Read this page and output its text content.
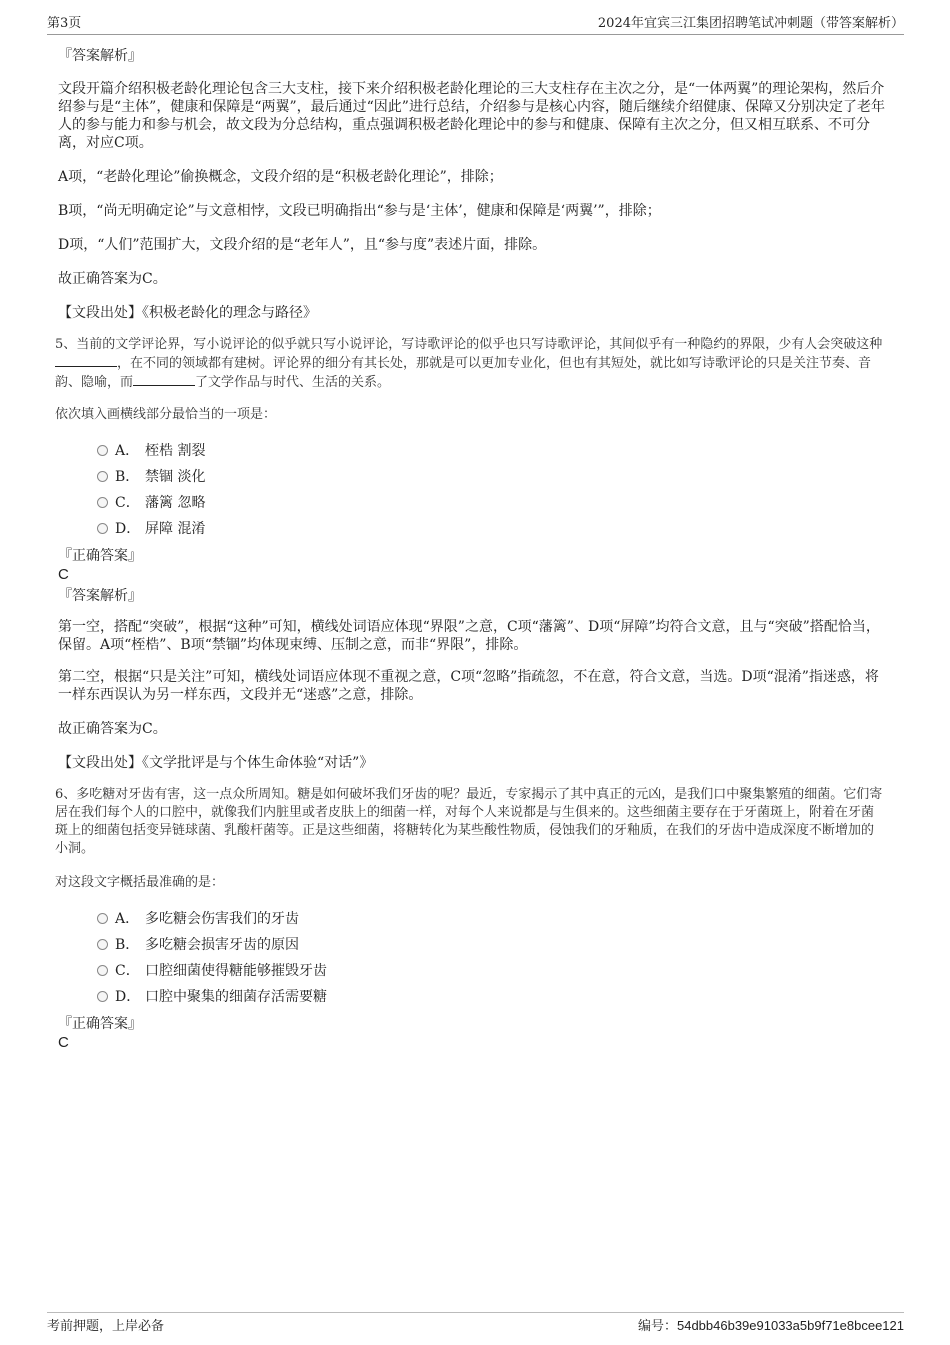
第3页	2024年宜宾三江集团招聘笔试冲刺题（带答案解析）
『答案解析』

文段开篇介绍积极老龄化理论包含三大支柱，接下来介绍积极老龄化理论的三大支柱存在主次之分，是“一体两翼”的理论架构，然后介绍参与是“主体”，健康和保障是“两翼”，最后通过“因此”进行总结，介绍参与是核心内容，随后继续介绍健康、保障又分别决定了老年人的参与能力和参与机会，故文段为分总结构，重点强调积极老龄化理论中的参与和健康、保障有主次之分，但又相互联系、不可分离，对应C项。

A项，“老龄化理论”偷换概念，文段介绍的是“积极老龄化理论”，排除；

B项，“尚无明确定论”与文意相悖，文段已明确指出“参与是‘主体’，健康和保障是‘两翼’”，排除；

D项，“人们”范围扩大，文段介绍的是“老年人”，且“参与度”表述片面，排除。

故正确答案为C。

【文段出处】《积极老龄化的理念与路径》

5、当前的文学评论界，写小说评论的似乎就只写小说评论，写诗歌评论的似乎也只写诗歌评论，其间似乎有一种隐约的界限，少有人会突破这种，在不同的领域都有建树。评论界的细分有其长处，那就是可以更加专业化，但也有其短处，就比如写诗歌评论的只是关注节奏、音韵、隐喻，而	了文学作品与时代、生活的关系。

依次填入画横线部分最恰当的一项是：

A． 桎梏 割裂
B． 禁锢 淡化
C． 藩篱 忽略
D． 屏障 混淆
『正确答案』
C
『答案解析』

第一空，搭配“突破”，根据“这种”可知，横线处词语应体现“界限”之意，C项“藩篱”、D项“屏障”均符合文意，且与“突破”搭配恰当，保留。A项“桎梏”、B项“禁锢”均体现束缚、压制之意，而非“界限”，排除。

第二空，根据“只是关注”可知，横线处词语应体现不重视之意，C项“忽略”指疏忽，不在意，符合文意，当选。D项“混淆”指迷惑，将一样东西误认为另一样东西，文段并无“迷惑”之意，排除。

故正确答案为C。

【文段出处】《文学批评是与个体生命体验“对话”》

6、多吃糖对牙齿有害，这一点众所周知。糖是如何破坏我们牙齿的呢？最近，专家揭示了其中真正的元凶，是我们口中聚集繁殖的细菌。它们寄居在我们每个人的口腔中，就像我们内脏里或者皮肤上的细菌一样，对每个人来说都是与生俱来的。这些细菌主要存在于牙菌斑上，附着在牙菌斑上的细菌包括变异链球菌、乳酸杆菌等。正是这些细菌，将糖转化为某些酸性物质，侵蚀我们的牙釉质，在我们的牙齿中造成深度不断增加的小洞。

对这段文字概括最准确的是：

A． 多吃糖会伤害我们的牙齿
B． 多吃糖会损害牙齿的原因
C． 口腔细菌使得糖能够摧毁牙齿
D． 口腔中聚集的细菌存活需要糖
『正确答案』
C
考前押题，上岸必备	编号：54dbb46b39e91033a5b9f71e8bcee121
